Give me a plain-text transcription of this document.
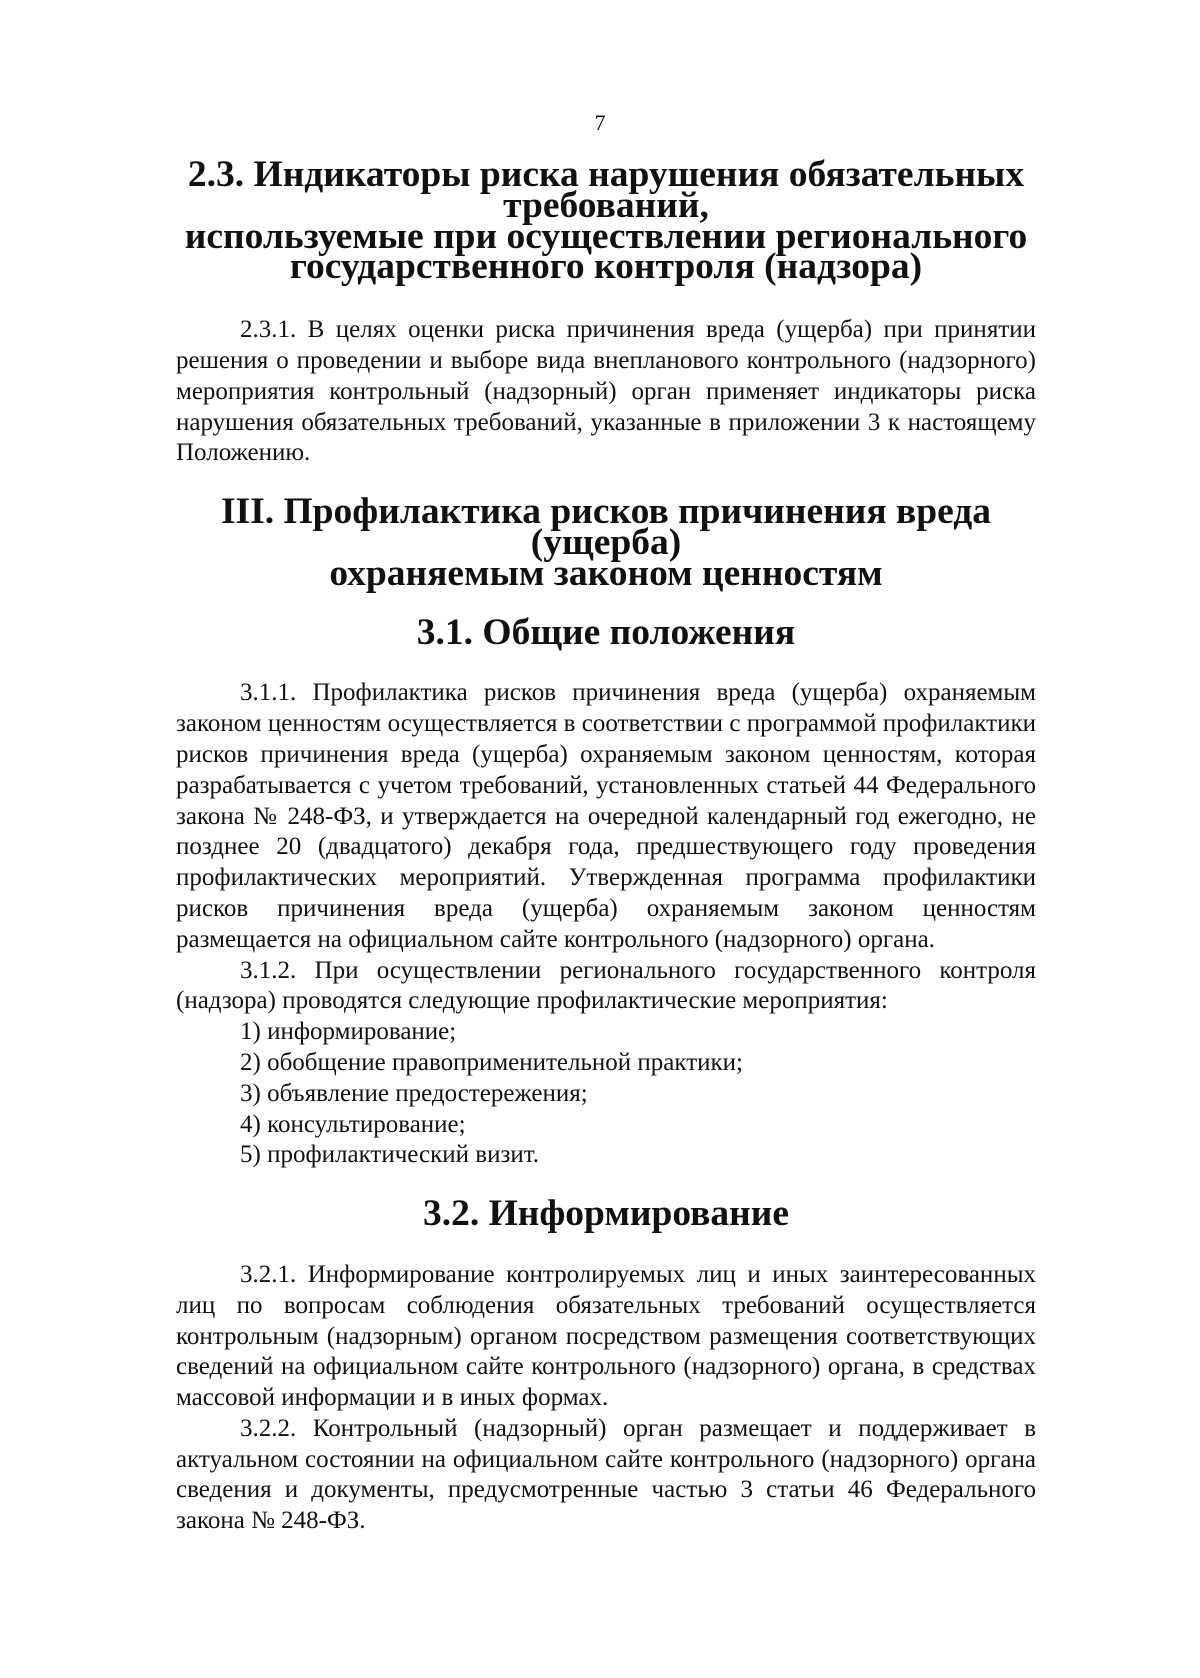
7
2.3. Индикаторы риска нарушения обязательных требований,
используемые при осуществлении регионального
государственного контроля (надзора)

2.3.1. В целях оценки риска причинения вреда (ущерба) при принятии решения о проведении и выборе вида внепланового контрольного (надзорного) мероприятия контрольный (надзорный) орган применяет индикаторы риска нарушения обязательных требований, указанные в приложении 3 к настоящему Положению.

III. Профилактика рисков причинения вреда (ущерба)
охраняемым законом ценностям
3.1. Общие положения

3.1.1. Профилактика рисков причинения вреда (ущерба) охраняемым законом ценностям осуществляется в соответствии с программой профилактики рисков причинения вреда (ущерба) охраняемым законом ценностям, которая разрабатывается с учетом требований, установленных статьей 44 Федерального закона № 248-ФЗ, и утверждается на очередной календарный год ежегодно, не позднее 20 (двадцатого) декабря года, предшествующего году проведения профилактических мероприятий. Утвержденная программа профилактики рисков причинения вреда (ущерба) охраняемым законом ценностям размещается на официальном сайте контрольного (надзорного) органа.

3.1.2. При осуществлении регионального государственного контроля (надзора) проводятся следующие профилактические мероприятия:

1) информирование;

2) обобщение правоприменительной практики;

3) объявление предостережения;

4) консультирование;

5) профилактический визит.

3.2. Информирование

3.2.1. Информирование контролируемых лиц и иных заинтересованных лиц по вопросам соблюдения обязательных требований осуществляется контрольным (надзорным) органом посредством размещения соответствующих сведений на официальном сайте контрольного (надзорного) органа, в средствах массовой информации и в иных формах.

3.2.2. Контрольный (надзорный) орган размещает и поддерживает в актуальном состоянии на официальном сайте контрольного (надзорного) органа сведения и документы, предусмотренные частью 3 статьи 46 Федерального закона № 248-ФЗ.
